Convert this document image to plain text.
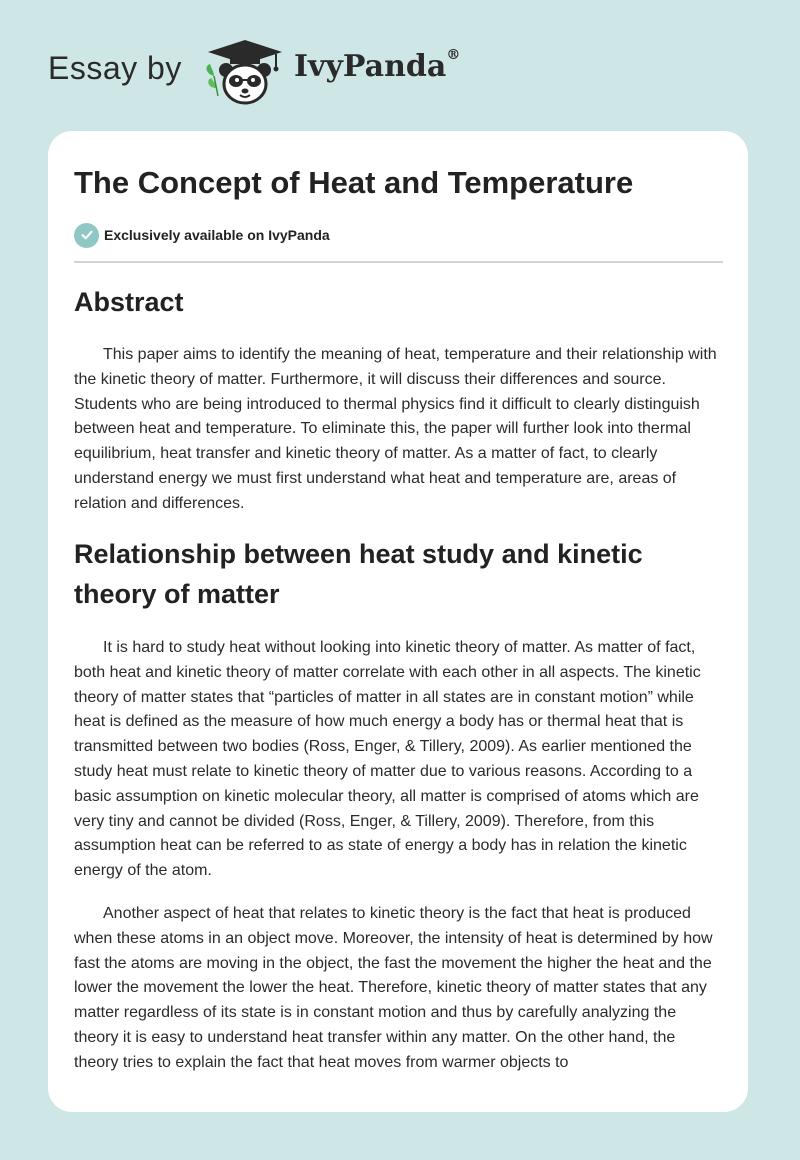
Essay by	IvyPanda®
The Concept of Heat and Temperature
Exclusively available on IvyPanda
Abstract

This paper aims to identify the meaning of heat, temperature and their relationship with the kinetic theory of matter. Furthermore, it will discuss their differences and source. Students who are being introduced to thermal physics find it difficult to clearly distinguish between heat and temperature. To eliminate this, the paper will further look into thermal equilibrium, heat transfer and kinetic theory of matter. As a matter of fact, to clearly understand energy we must first understand what heat and temperature are, areas of relation and differences.

Relationship between heat study and kinetic theory of matter

It is hard to study heat without looking into kinetic theory of matter. As matter of fact, both heat and kinetic theory of matter correlate with each other in all aspects. The kinetic theory of matter states that “particles of matter in all states are in constant motion” while heat is defined as the measure of how much energy a body has or thermal heat that is transmitted between two bodies (Ross, Enger, & Tillery, 2009). As earlier mentioned the study heat must relate to kinetic theory of matter due to various reasons. According to a basic assumption on kinetic molecular theory, all matter is comprised of atoms which are very tiny and cannot be divided (Ross, Enger, & Tillery, 2009). Therefore, from this assumption heat can be referred to as state of energy a body has in relation the kinetic energy of the atom.

Another aspect of heat that relates to kinetic theory is the fact that heat is produced when these atoms in an object move. Moreover, the intensity of heat is determined by how fast the atoms are moving in the object, the fast the movement the higher the heat and the lower the movement the lower the heat. Therefore, kinetic theory of matter states that any matter regardless of its state is in constant motion and thus by carefully analyzing the theory it is easy to understand heat transfer within any matter. On the other hand, the theory tries to explain the fact that heat moves from warmer objects to
